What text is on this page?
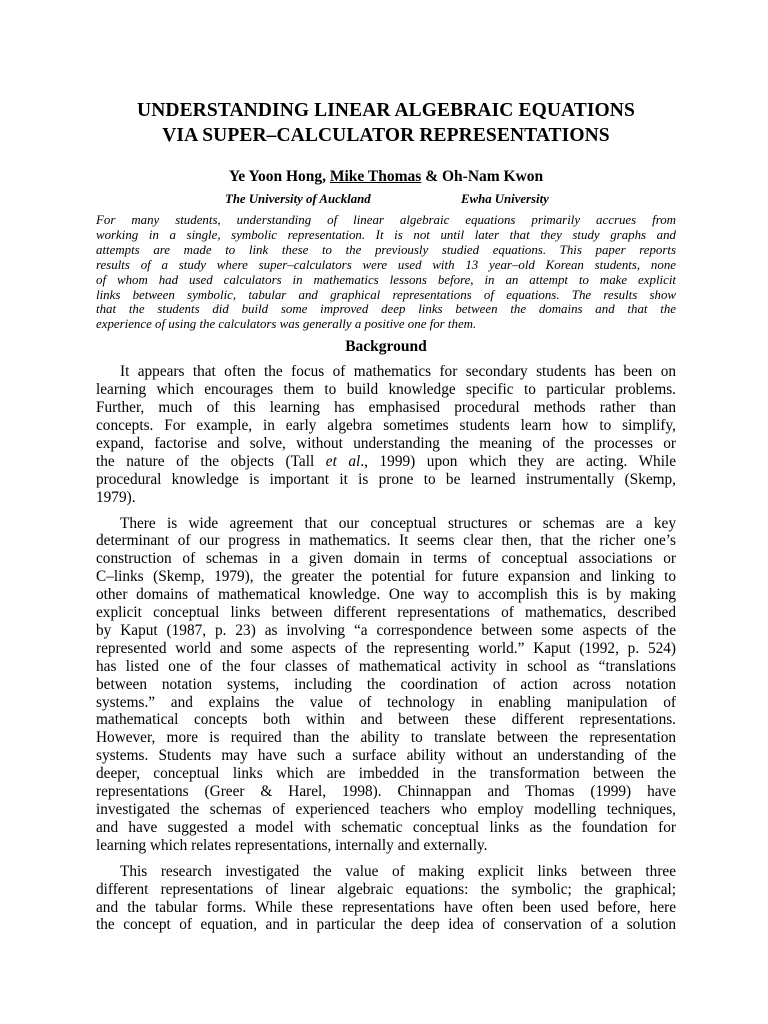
UNDERSTANDING LINEAR ALGEBRAIC EQUATIONS
VIA SUPER–CALCULATOR REPRESENTATIONS
Ye Yoon Hong, Mike Thomas & Oh-Nam Kwon
The University of Auckland	Ewha University
For many students, understanding of linear algebraic equations primarily accrues from
working in a single, symbolic representation. It is not until later that they study graphs and
attempts are made to link these to the previously studied equations. This paper reports
results of a study where super–calculators were used with 13 year–old Korean students, none
of whom had used calculators in mathematics lessons before, in an attempt to make explicit
links between symbolic, tabular and graphical representations of equations. The results show
that the students did build some improved deep links between the domains and that the
experience of using the calculators was generally a positive one for them.
Background
It appears that often the focus of mathematics for secondary students has been on
learning which encourages them to build knowledge specific to particular problems.
Further, much of this learning has emphasised procedural methods rather than
concepts. For example, in early algebra sometimes students learn how to simplify,
expand, factorise and solve, without understanding the meaning of the processes or
the nature of the objects (Tall et al., 1999) upon which they are acting. While
procedural knowledge is important it is prone to be learned instrumentally (Skemp,
1979).
There is wide agreement that our conceptual structures or schemas are a key
determinant of our progress in mathematics. It seems clear then, that the richer one’s
construction of schemas in a given domain in terms of conceptual associations or
C–links (Skemp, 1979), the greater the potential for future expansion and linking to
other domains of mathematical knowledge. One way to accomplish this is by making
explicit conceptual links between different representations of mathematics, described
by Kaput (1987, p. 23) as involving “a correspondence between some aspects of the
represented world and some aspects of the representing world.” Kaput (1992, p. 524)
has listed one of the four classes of mathematical activity in school as “translations
between notation systems, including the coordination of action across notation
systems.” and explains the value of technology in enabling manipulation of
mathematical concepts both within and between these different representations.
However, more is required than the ability to translate between the representation
systems. Students may have such a surface ability without an understanding of the
deeper, conceptual links which are imbedded in the transformation between the
representations (Greer & Harel, 1998). Chinnappan and Thomas (1999) have
investigated the schemas of experienced teachers who employ modelling techniques,
and have suggested a model with schematic conceptual links as the foundation for
learning which relates representations, internally and externally.
This research investigated the value of making explicit links between three
different representations of linear algebraic equations: the symbolic; the graphical;
and the tabular forms. While these representations have often been used before, here
the concept of equation, and in particular the deep idea of conservation of a solution
